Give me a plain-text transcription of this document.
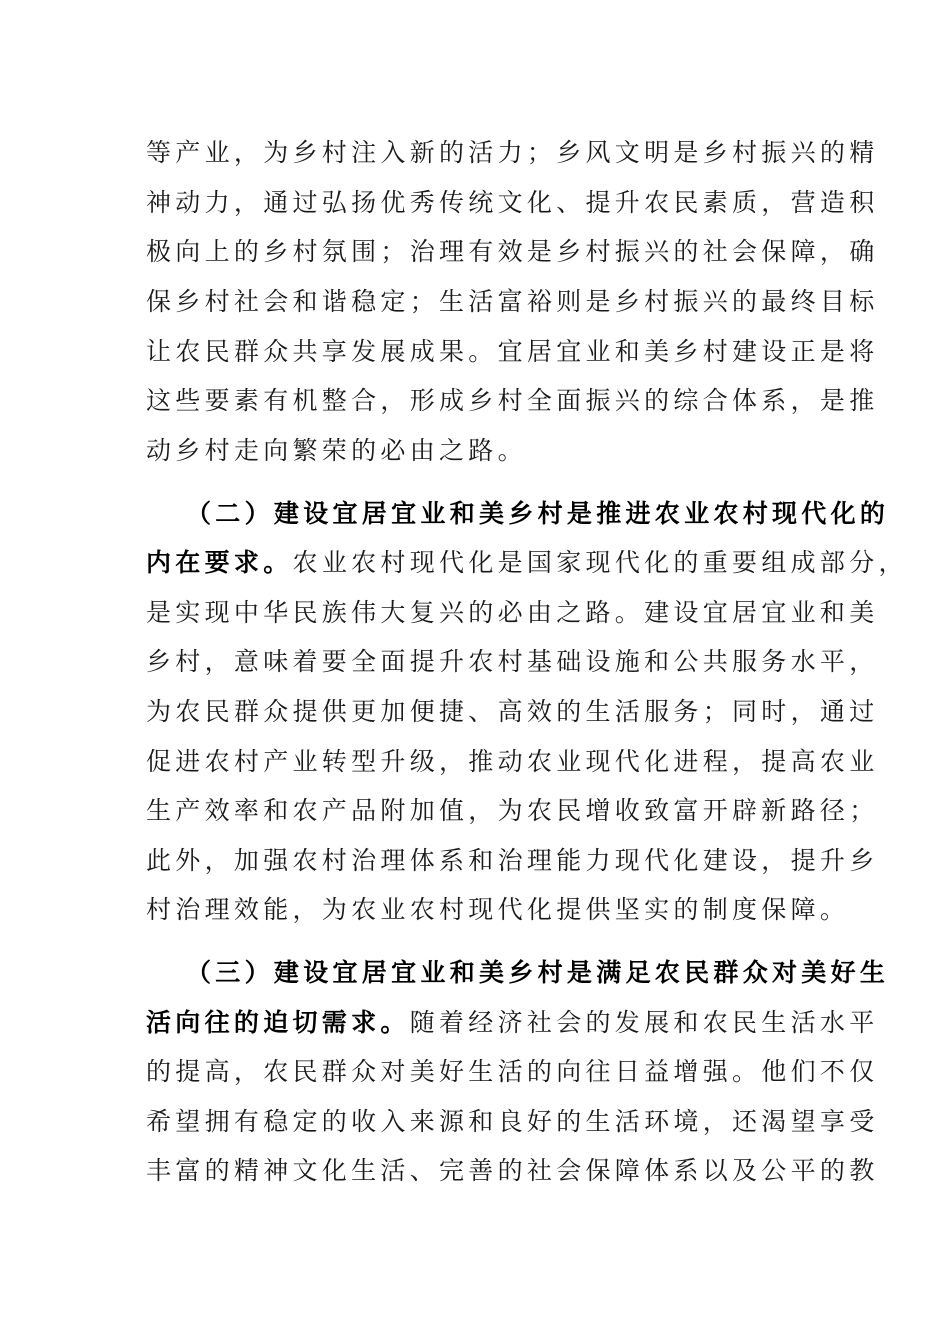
等产业，为乡村注入新的活力；乡风文明是乡村振兴的精
神动力，通过弘扬优秀传统文化、提升农民素质，营造积
极向上的乡村氛围；治理有效是乡村振兴的社会保障，确
保乡村社会和谐稳定；生活富裕则是乡村振兴的最终目标
让农民群众共享发展成果。宜居宜业和美乡村建设正是将
这些要素有机整合，形成乡村全面振兴的综合体系，是推
动乡村走向繁荣的必由之路。
（二）建设宜居宜业和美乡村是推进农业农村现代化的
内在要求。农业农村现代化是国家现代化的重要组成部分，
是实现中华民族伟大复兴的必由之路。建设宜居宜业和美
乡村，意味着要全面提升农村基础设施和公共服务水平，
为农民群众提供更加便捷、高效的生活服务；同时，通过
促进农村产业转型升级，推动农业现代化进程，提高农业
生产效率和农产品附加值，为农民增收致富开辟新路径；
此外，加强农村治理体系和治理能力现代化建设，提升乡
村治理效能，为农业农村现代化提供坚实的制度保障。
（三）建设宜居宜业和美乡村是满足农民群众对美好生
活向往的迫切需求。随着经济社会的发展和农民生活水平
的提高，农民群众对美好生活的向往日益增强。他们不仅
希望拥有稳定的收入来源和良好的生活环境，还渴望享受
丰富的精神文化生活、完善的社会保障体系以及公平的教
